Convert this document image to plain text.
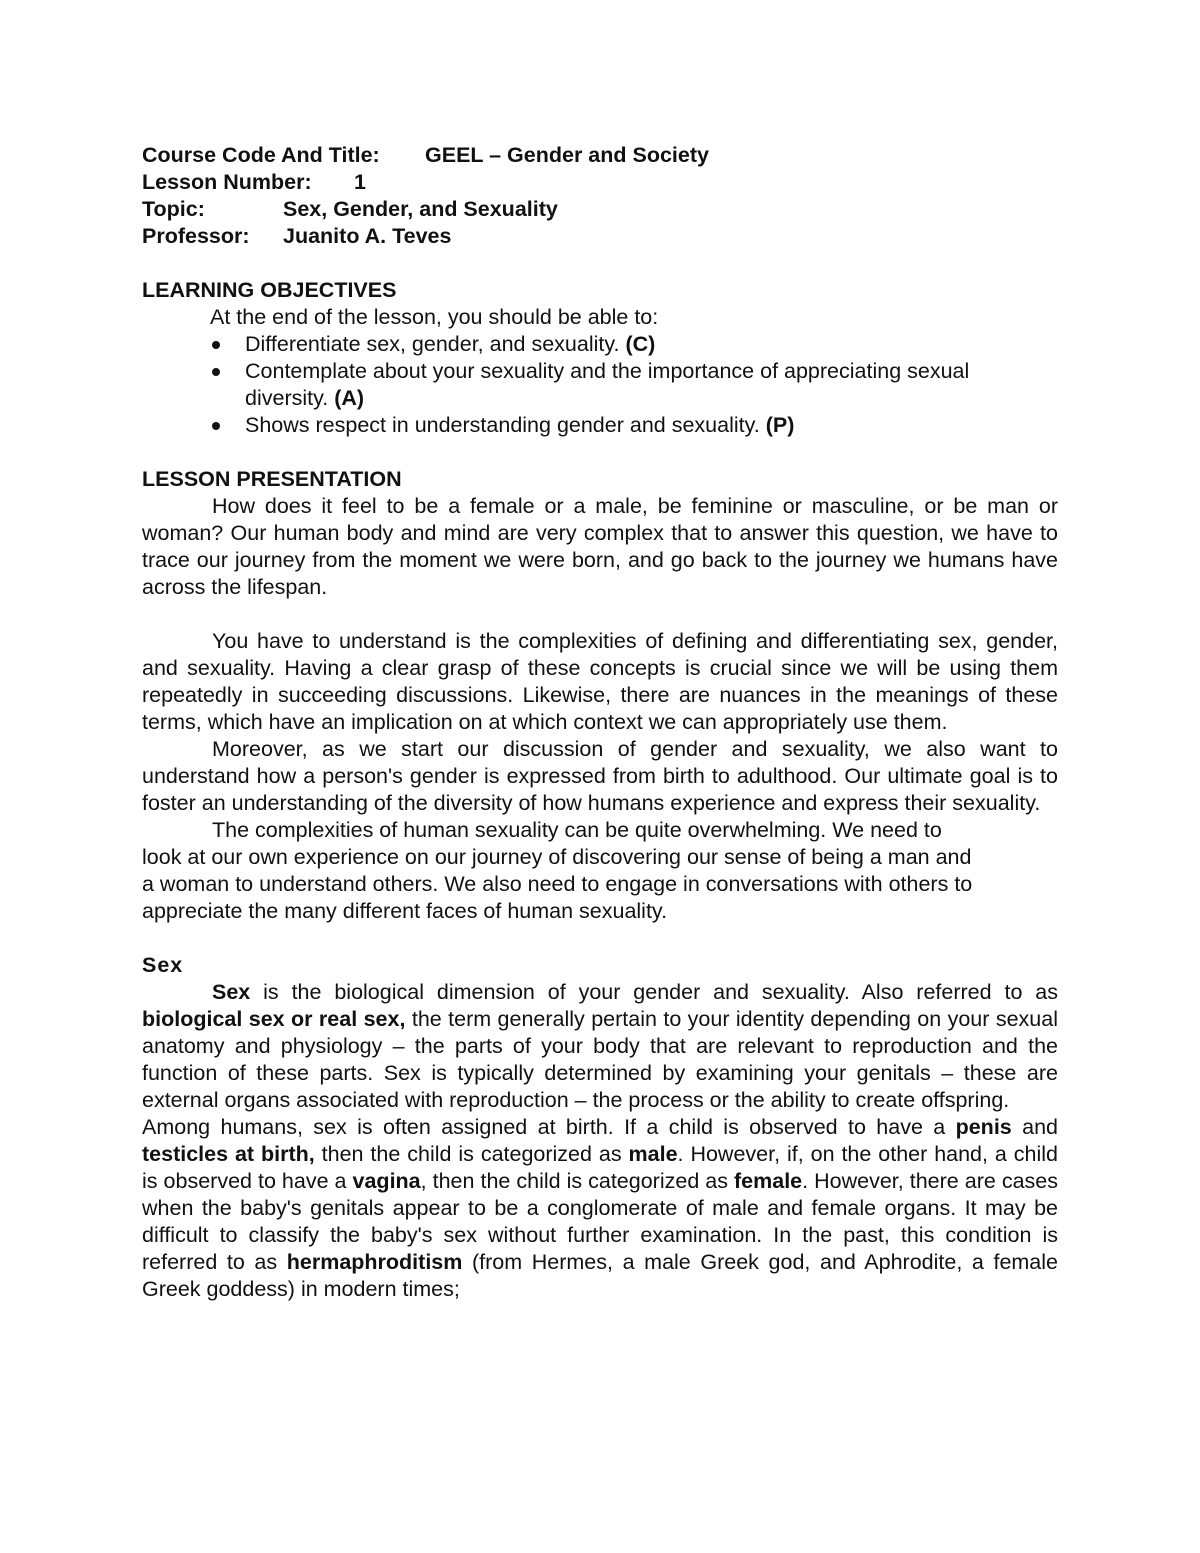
Course Code And Title:	GEEL – Gender and Society
Lesson Number:	1
Topic:	Sex, Gender, and Sexuality
Professor:	Juanito A. Teves
LEARNING OBJECTIVES
At the end of the lesson, you should be able to:
Differentiate sex, gender, and sexuality. (C)
Contemplate about your sexuality and the importance of appreciating sexual diversity. (A)
Shows respect in understanding gender and sexuality. (P)
LESSON PRESENTATION

How does it feel to be a female or a male, be feminine or masculine, or be man or woman? Our human body and mind are very complex that to answer this question, we have to trace our journey from the moment we were born, and go back to the journey we humans have across the lifespan.

You have to understand is the complexities of defining and differentiating sex, gender, and sexuality. Having a clear grasp of these concepts is crucial since we will be using them repeatedly in succeeding discussions. Likewise, there are nuances in the meanings of these terms, which have an implication on at which context we can appropriately use them.

Moreover, as we start our discussion of gender and sexuality, we also want to understand how a person's gender is expressed from birth to adulthood. Our ultimate goal is to foster an understanding of the diversity of how humans experience and express their sexuality.

The complexities of human sexuality can be quite overwhelming. We need to
look at our own experience on our journey of discovering our sense of being a man and
a woman to understand others. We also need to engage in conversations with others to
appreciate the many different faces of human sexuality.
Sex

Sex is the biological dimension of your gender and sexuality. Also referred to as biological sex or real sex, the term generally pertain to your identity depending on your sexual anatomy and physiology – the parts of your body that are relevant to reproduction and the function of these parts. Sex is typically determined by examining your genitals – these are external organs associated with reproduction – the process or the ability to create offspring.

Among humans, sex is often assigned at birth. If a child is observed to have a penis and testicles at birth, then the child is categorized as male. However, if, on the other hand, a child is observed to have a vagina, then the child is categorized as female. However, there are cases when the baby's genitals appear to be a conglomerate of male and female organs. It may be difficult to classify the baby's sex without further examination. In the past, this condition is referred to as hermaphroditism (from Hermes, a male Greek god, and Aphrodite, a female Greek goddess) in modern times;
